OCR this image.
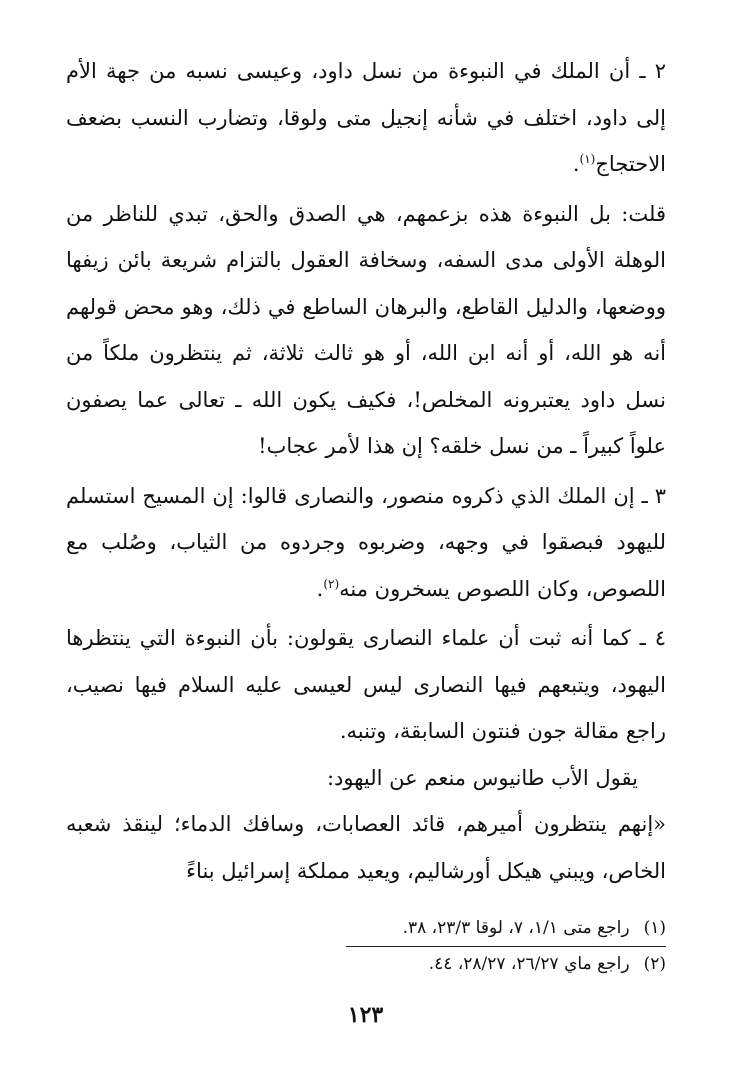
٢ ـ أن الملك في النبوءة من نسل داود، وعيسى نسبه من جهة الأم إلى داود، اختلف في شأنه إنجيل متى ولوقا، وتضارب النسب بضعف الاحتجاج$^{(١)}$.

قلت: بل النبوءة هذه بزعمهم، هي الصدق والحق، تبدي للناظر من الوهلة الأولى مدى السفه، وسخافة العقول بالتزام شريعة بائن زيفها ووضعها، والدليل القاطع، والبرهان الساطع في ذلك، وهو محض قولهم أنه هو الله، أو أنه ابن الله، أو هو ثالث ثلاثة، ثم ينتظرون ملكاً من نسل داود يعتبرونه المخلص!، فكيف يكون الله ـ تعالى عما يصفون علواً كبيراً ـ من نسل خلقه؟ إن هذا لأمر عجاب!

٣ ـ إن الملك الذي ذكروه منصور، والنصارى قالوا: إن المسيح استسلم لليهود فبصقوا في وجهه، وضربوه وجردوه من الثياب، وصُلب مع اللصوص، وكان اللصوص يسخرون منه$^{(٢)}$.

٤ ـ كما أنه ثبت أن علماء النصارى يقولون: بأن النبوءة التي ينتظرها اليهود، ويتبعهم فيها النصارى ليس لعيسى عليه السلام فيها نصيب، راجع مقالة جون فنتون السابقة، وتنبه.

يقول الأب طانيوس منعم عن اليهود:

«إنهم ينتظرون أميرهم، قائد العصابات، وسافك الدماء؛ لينقذ شعبه الخاص، ويبني هيكل أورشاليم، ويعيد مملكة إسرائيل بناءً

(١)راجع متى ١/١، ٧، لوقا ٢٣/٣، ٣٨.

(٢)راجع ماي ٢٦/٢٧، ٢٨/٢٧، ٤٤.

١٢٣
